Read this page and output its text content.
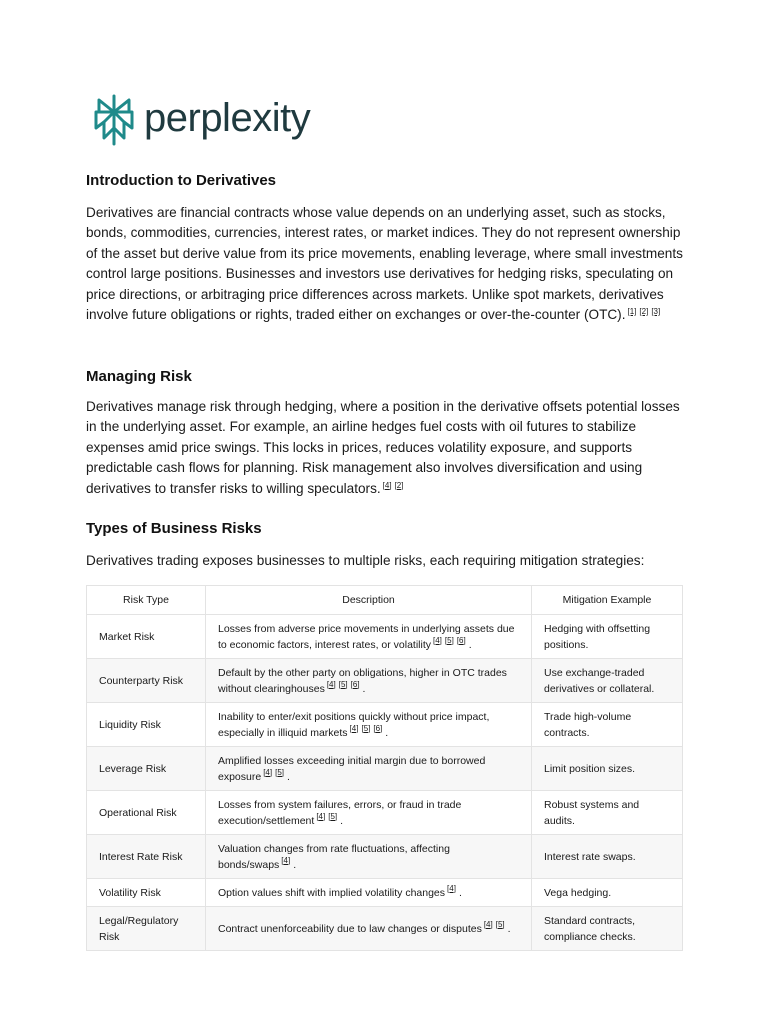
perplexity
Introduction to Derivatives

Derivatives are financial contracts whose value depends on an underlying asset, such as stocks, bonds, commodities, currencies, interest rates, or market indices. They do not represent ownership of the asset but derive value from its price movements, enabling leverage, where small investments control large positions. Businesses and investors use derivatives for hedging risks, speculating on price directions, or arbitraging price differences across markets. Unlike spot markets, derivatives involve future obligations or rights, traded either on exchanges or over-the-counter (OTC). [1] [2] [3]

Managing Risk

Derivatives manage risk through hedging, where a position in the derivative offsets potential losses in the underlying asset. For example, an airline hedges fuel costs with oil futures to stabilize expenses amid price swings. This locks in prices, reduces volatility exposure, and supports predictable cash flows for planning. Risk management also involves diversification and using derivatives to transfer risks to willing speculators. [4] [2]

Types of Business Risks

Derivatives trading exposes businesses to multiple risks, each requiring mitigation strategies:

Risk Type	Description	Mitigation Example
Market Risk	Losses from adverse price movements in underlying assets due to economic factors, interest rates, or volatility [4] [5] [6] .	Hedging with offsetting positions.
Counterparty Risk	Default by the other party on obligations, higher in OTC trades without clearinghouses [4] [5] [6] .	Use exchange-traded derivatives or collateral.
Liquidity Risk	Inability to enter/exit positions quickly without price impact, especially in illiquid markets [4] [5] [6] .	Trade high-volume contracts.
Leverage Risk	Amplified losses exceeding initial margin due to borrowed exposure [4] [5] .	Limit position sizes.
Operational Risk	Losses from system failures, errors, or fraud in trade execution/settlement [4] [5] .	Robust systems and audits.
Interest Rate Risk	Valuation changes from rate fluctuations, affecting bonds/swaps [4] .	Interest rate swaps.
Volatility Risk	Option values shift with implied volatility changes [4] .	Vega hedging.
Legal/Regulatory Risk	Contract unenforceability due to law changes or disputes [4] [5] .	Standard contracts, compliance checks.
